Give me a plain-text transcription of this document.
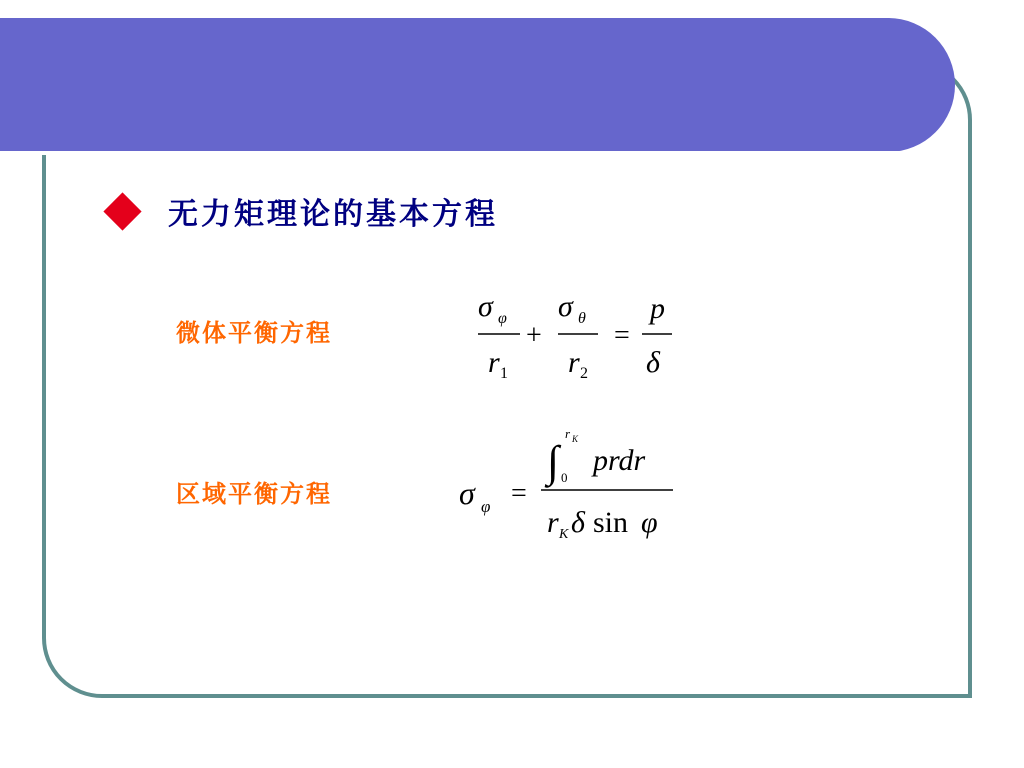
无力矩理论的基本方程
微体平衡方程
σ φ
r 1
+
σ θ
r 2
=
p
δ
区域平衡方程	σ φ =
∫
r K
0
prdr
r K δ sin φ
